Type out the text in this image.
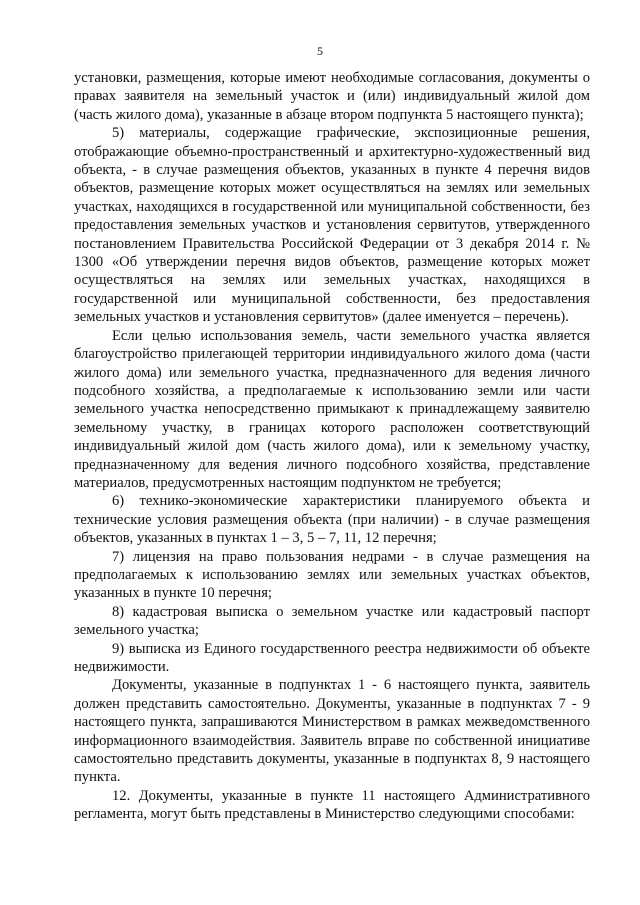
5

установки, размещения, которые имеют необходимые согласования, документы о правах заявителя на земельный участок и (или) индивидуальный жилой дом (часть жилого дома), указанные в абзаце втором подпункта 5 настоящего пункта);

5) материалы, содержащие графические, экспозиционные решения, отображающие объемно-пространственный и архитектурно-художественный вид объекта, - в случае размещения объектов, указанных в пункте 4 перечня видов объектов, размещение которых может осуществляться на землях или земельных участках, находящихся в государственной или муниципальной собственности, без предоставления земельных участков и установления сервитутов, утвержденного постановлением Правительства Российской Федерации от 3 декабря 2014 г. № 1300 «Об утверждении перечня видов объектов, размещение которых может осуществляться на землях или земельных участках, находящихся в государственной или муниципальной собственности, без предоставления земельных участков и установления сервитутов» (далее именуется – перечень).

Если целью использования земель, части земельного участка является благоустройство прилегающей территории индивидуального жилого дома (части жилого дома) или земельного участка, предназначенного для ведения личного подсобного хозяйства, а предполагаемые к использованию земли или части земельного участка непосредственно примыкают к принадлежащему заявителю земельному участку, в границах которого расположен соответствующий индивидуальный жилой дом (часть жилого дома), или к земельному участку, предназначенному для ведения личного подсобного хозяйства, представление материалов, предусмотренных настоящим подпунктом не требуется;

6) технико-экономические характеристики планируемого объекта и технические условия размещения объекта (при наличии) - в случае размещения объектов, указанных в пунктах 1 – 3, 5 – 7, 11, 12 перечня;

7) лицензия на право пользования недрами - в случае размещения на предполагаемых к использованию землях или земельных участках объектов, указанных в пункте 10 перечня;

8) кадастровая выписка о земельном участке или кадастровый паспорт земельного участка;

9) выписка из Единого государственного реестра недвижимости об объекте недвижимости.

Документы, указанные в подпунктах 1 - 6 настоящего пункта, заявитель должен представить самостоятельно. Документы, указанные в подпунктах 7 - 9 настоящего пункта, запрашиваются Министерством в рамках межведомственного информационного взаимодействия. Заявитель вправе по собственной инициативе самостоятельно представить документы, указанные в подпунктах 8, 9 настоящего пункта.

12. Документы, указанные в пункте 11 настоящего Административного регламента, могут быть представлены в Министерство следующими способами:
